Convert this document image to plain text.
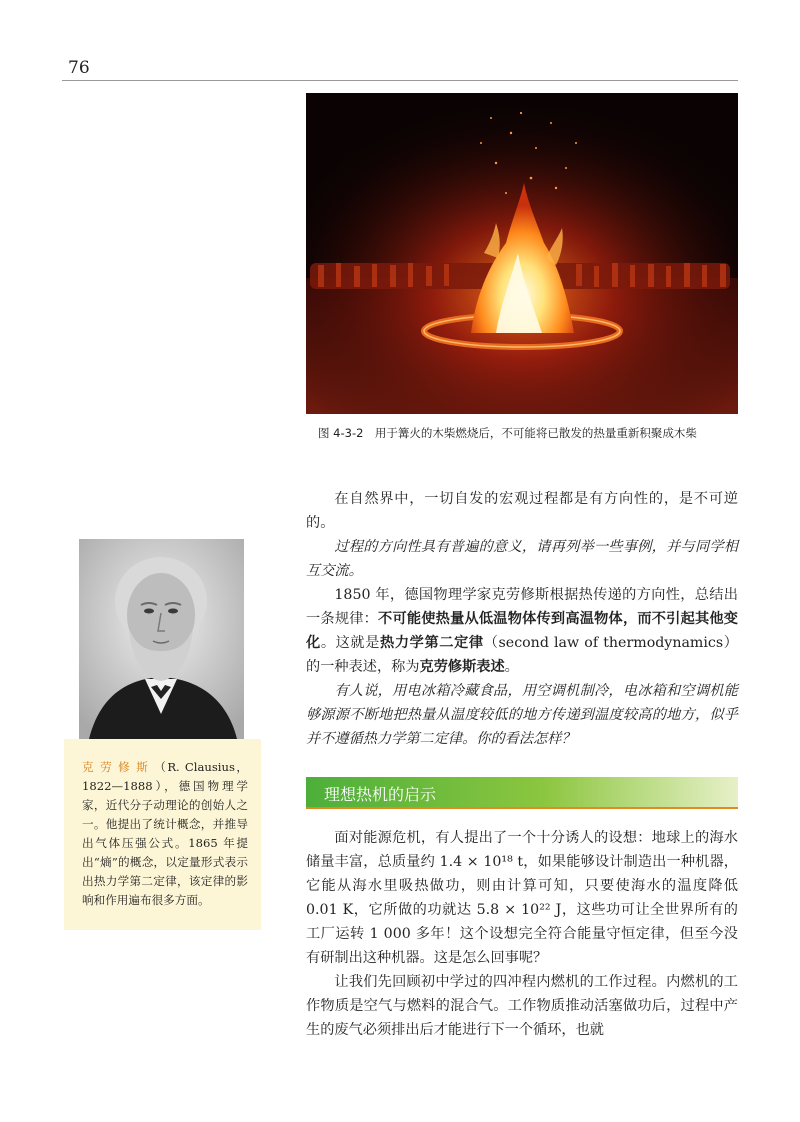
76
图 4-3-2　用于篝火的木柴燃烧后，不可能将已散发的热量重新积聚成木柴

在自然界中，一切自发的宏观过程都是有方向性的，是不可逆的。

过程的方向性具有普遍的意义，请再列举一些事例，并与同学相互交流。

1850 年，德国物理学家克劳修斯根据热传递的方向性，总结出一条规律：不可能使热量从低温物体传到高温物体，而不引起其他变化。这就是热力学第二定律（second law of thermodynamics）的一种表述，称为克劳修斯表述。

有人说，用电冰箱冷藏食品，用空调机制冷，电冰箱和空调机能够源源不断地把热量从温度较低的地方传递到温度较高的地方，似乎并不遵循热力学第二定律。你的看法怎样？

理想热机的启示

面对能源危机，有人提出了一个十分诱人的设想：地球上的海水储量丰富，总质量约 1.4 × 10¹⁸ t，如果能够设计制造出一种机器，它能从海水里吸热做功，则由计算可知，只要使海水的温度降低 0.01 K，它所做的功就达 5.8 × 10²² J，这些功可让全世界所有的工厂运转 1 000 多年！这个设想完全符合能量守恒定律，但至今没有研制出这种机器。这是怎么回事呢？

让我们先回顾初中学过的四冲程内燃机的工作过程。内燃机的工作物质是空气与燃料的混合气。工作物质推动活塞做功后，过程中产生的废气必须排出后才能进行下一个循环，也就

克劳修斯（R. Clausius，1822—1888），德国物理学家，近代分子动理论的创始人之一。他提出了统计概念，并推导出气体压强公式。1865 年提出“熵”的概念，以定量形式表示出热力学第二定律，该定律的影响和作用遍布很多方面。
